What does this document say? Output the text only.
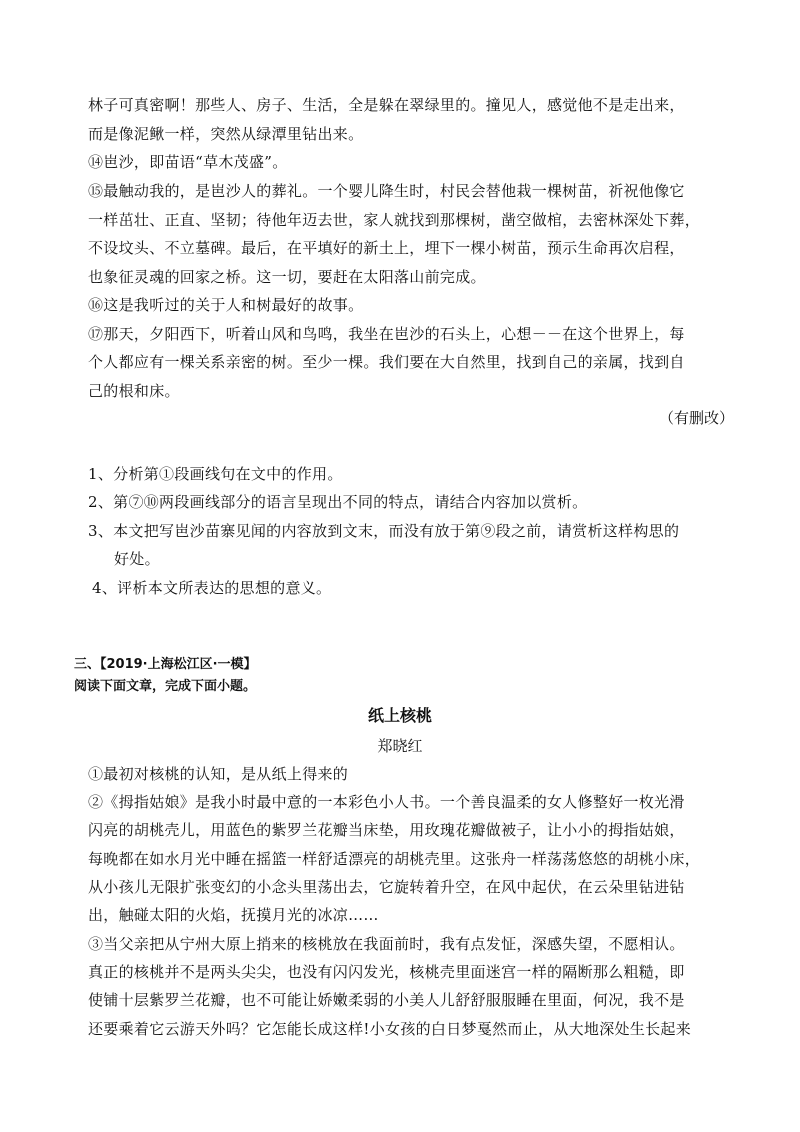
林子可真密啊！那些人、房子、生活，全是躲在翠绿里的。撞见人，感觉他不是走出来，
而是像泥鳅一样，突然从绿潭里钻出来。
⑭岜沙，即苗语“草木茂盛”。
⑮最触动我的，是岜沙人的葬礼。一个婴儿降生时，村民会替他栽一棵树苗，祈祝他像它
一样茁壮、正直、坚韧；待他年迈去世，家人就找到那棵树，凿空做棺，去密林深处下葬，
不设坟头、不立墓碑。最后，在平填好的新土上，埋下一棵小树苗，预示生命再次启程，
也象征灵魂的回家之桥。这一切，要赶在太阳落山前完成。
⑯这是我听过的关于人和树最好的故事。
⑰那天，夕阳西下，听着山风和鸟鸣，我坐在岜沙的石头上，心想－－在这个世界上，每
个人都应有一棵关系亲密的树。至少一棵。我们要在大自然里，找到自己的亲属，找到自
己的根和床。
（有删改）
1、分析第①段画线句在文中的作用。
2、第⑦⑩两段画线部分的语言呈现出不同的特点，请结合内容加以赏析。
3、本文把写岜沙苗寨见闻的内容放到文末，而没有放于第⑨段之前，请赏析这样构思的
好处。
4、评析本文所表达的思想的意义。
三、【2019·上海松江区·一模】
阅读下面文章，完成下面小题。
纸上核桃
郑晓红
①最初对核桃的认知，是从纸上得来的
②《拇指姑娘》是我小时最中意的一本彩色小人书。一个善良温柔的女人修整好一枚光滑
闪亮的胡桃壳儿，用蓝色的紫罗兰花瓣当床垫，用玫瑰花瓣做被子，让小小的拇指姑娘，
每晚都在如水月光中睡在摇篮一样舒适漂亮的胡桃壳里。这张舟一样荡荡悠悠的胡桃小床，
从小孩儿无限扩张变幻的小念头里荡出去，它旋转着升空，在风中起伏，在云朵里钻进钻
出，触碰太阳的火焰，抚摸月光的冰凉……
③当父亲把从宁州大原上捎来的核桃放在我面前时，我有点发怔，深感失望，不愿相认。
真正的核桃并不是两头尖尖，也没有闪闪发光，核桃壳里面迷宫一样的隔断那么粗糙，即
使铺十层紫罗兰花瓣，也不可能让娇嫩柔弱的小美人儿舒舒服服睡在里面，何况，我不是
还要乘着它云游天外吗？它怎能长成这样!小女孩的白日梦戛然而止，从大地深处生长起来
